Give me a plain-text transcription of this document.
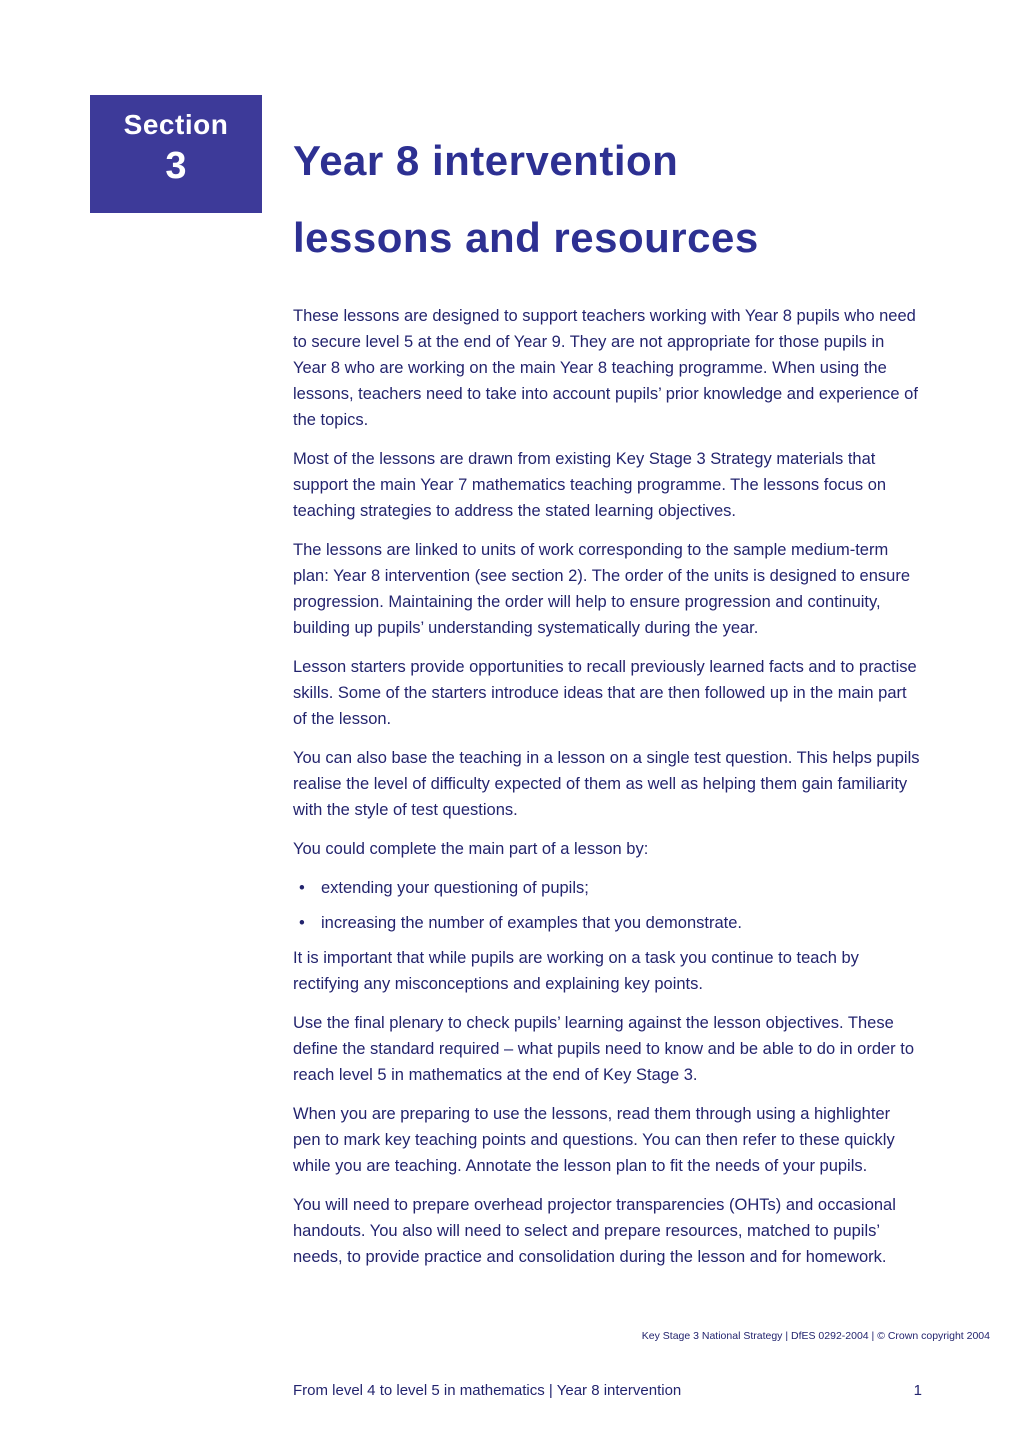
Section
3	Year 8 intervention
lessons and resources

These lessons are designed to support teachers working with Year 8 pupils who need to secure level 5 at the end of Year 9. They are not appropriate for those pupils in Year 8 who are working on the main Year 8 teaching programme. When using the lessons, teachers need to take into account pupils’ prior knowledge and experience of the topics.

Most of the lessons are drawn from existing Key Stage 3 Strategy materials that support the main Year 7 mathematics teaching programme. The lessons focus on teaching strategies to address the stated learning objectives.

The lessons are linked to units of work corresponding to the sample medium-term plan: Year 8 intervention (see section 2). The order of the units is designed to ensure progression. Maintaining the order will help to ensure progression and continuity, building up pupils’ understanding systematically during the year.

Lesson starters provide opportunities to recall previously learned facts and to practise skills. Some of the starters introduce ideas that are then followed up in the main part of the lesson.

You can also base the teaching in a lesson on a single test question. This helps pupils realise the level of difficulty expected of them as well as helping them gain familiarity with the style of test questions.

You could complete the main part of a lesson by:

• extending your questioning of pupils;
• increasing the number of examples that you demonstrate.

It is important that while pupils are working on a task you continue to teach by rectifying any misconceptions and explaining key points.

Use the final plenary to check pupils’ learning against the lesson objectives. These define the standard required – what pupils need to know and be able to do in order to reach level 5 in mathematics at the end of Key Stage 3.

When you are preparing to use the lessons, read them through using a highlighter pen to mark key teaching points and questions. You can then refer to these quickly while you are teaching. Annotate the lesson plan to fit the needs of your pupils.

You will need to prepare overhead projector transparencies (OHTs) and occasional handouts. You also will need to select and prepare resources, matched to pupils’ needs, to provide practice and consolidation during the lesson and for homework.

Key Stage 3 National Strategy | DfES 0292-2004 | © Crown copyright 2004
From level 4 to level 5 in mathematics | Year 8 intervention	1
